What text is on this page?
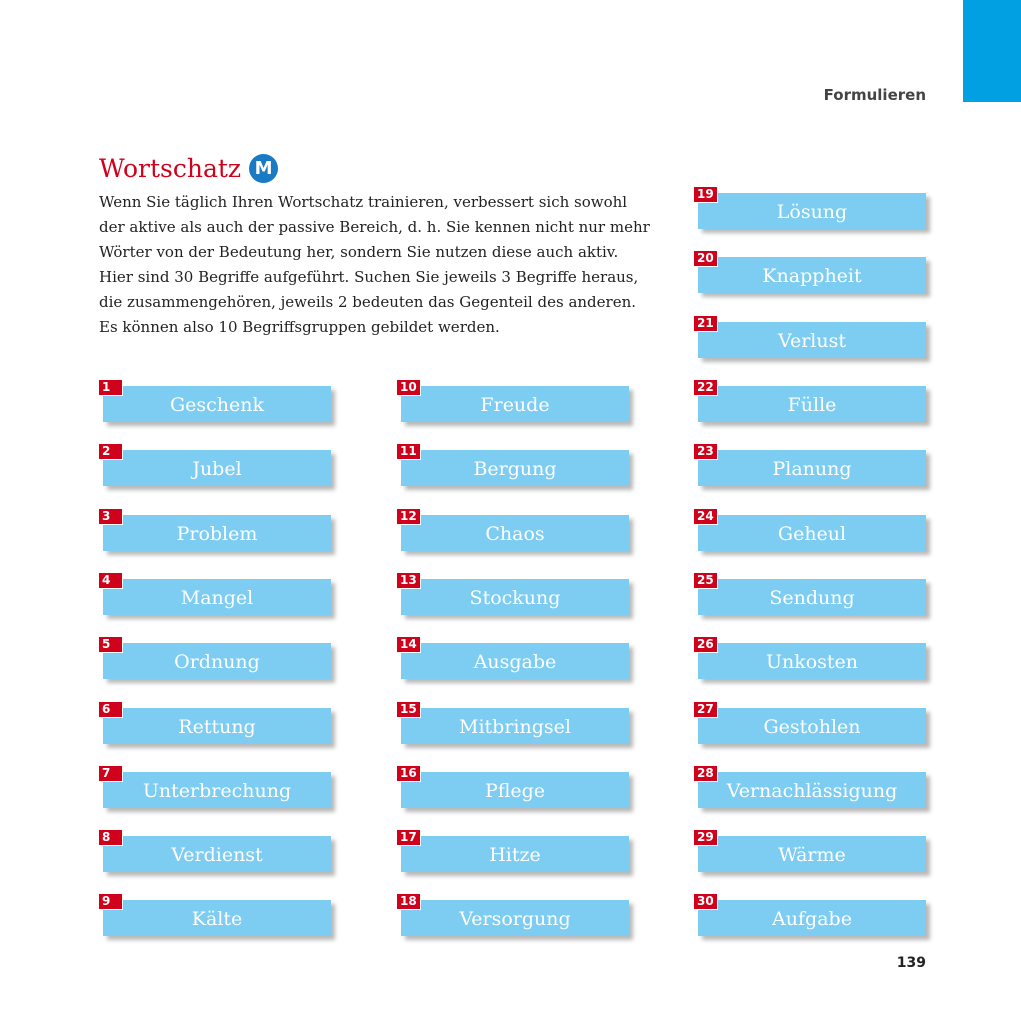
Formulieren
Wortschatz M

Wenn Sie täglich Ihren Wortschatz trainieren, verbessert sich sowohl

der aktive als auch der passive Bereich, d. h. Sie kennen nicht nur mehr

Wörter von der Bedeutung her, sondern Sie nutzen diese auch aktiv.

Hier sind 30 Begriffe aufgeführt. Suchen Sie jeweils 3 Begriffe heraus,

die zusammengehören, jeweils 2 bedeuten das Gegenteil des anderen.

Es können also 10 Begriffsgruppen gebildet werden.

Geschenk
1
Jubel
2
Problem
3
Mangel
4
Ordnung
5
Rettung
6
Unterbrechung
7
Verdienst
8
Kälte
9
Freude
10
Bergung
11
Chaos
12
Stockung
13
Ausgabe
14
Mitbringsel
15
Pflege
16
Hitze
17
Versorgung
18
Lösung
19
Knappheit
20
Verlust
21
Fülle
22
Planung
23
Geheul
24
Sendung
25
Unkosten
26
Gestohlen
27
Vernachlässigung
28
Wärme
29
Aufgabe
30
139
